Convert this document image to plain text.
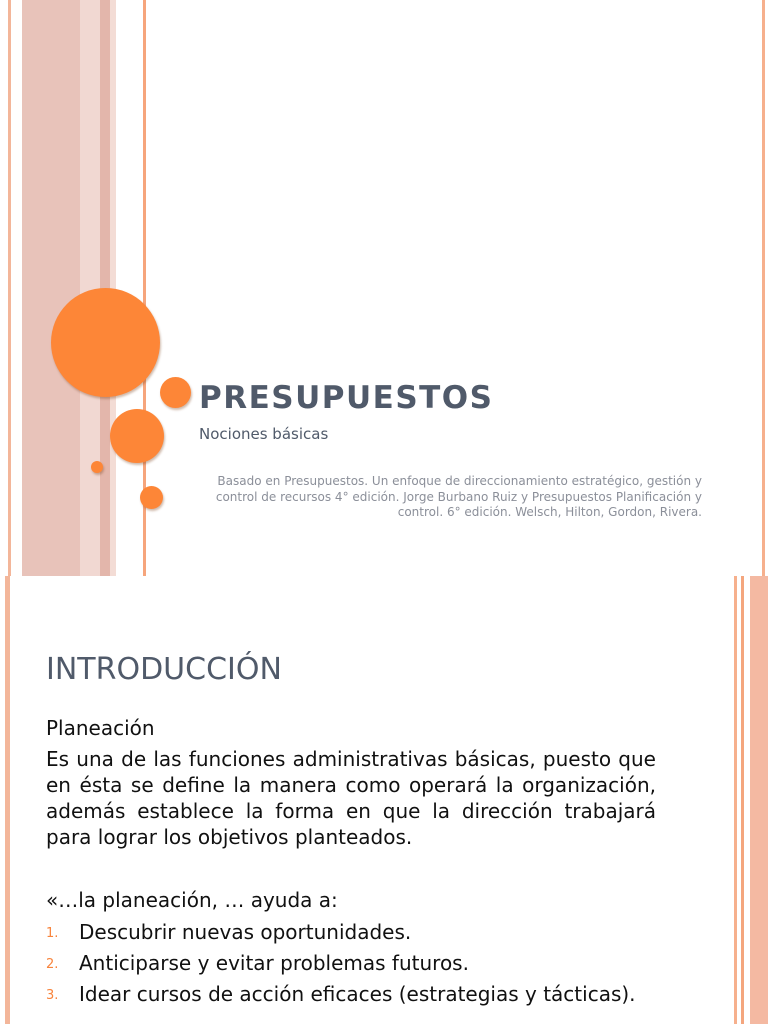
PRESUPUESTOS
Nociones básicas
Basado en Presupuestos. Un enfoque de direccionamiento estratégico, gestión y control de recursos 4° edición. Jorge Burbano Ruiz y Presupuestos Planificación y control. 6° edición. Welsch, Hilton, Gordon, Rivera.
INTRODUCCIÓN
Planeación
Es una de las funciones administrativas básicas, puesto que en ésta se define la manera como operará la organización, además establece la forma en que la dirección trabajará para lograr los objetivos planteados.
«…la planeación, … ayuda a:
1. Descubrir nuevas oportunidades.
2. Anticiparse y evitar problemas futuros.
3. Idear cursos de acción eficaces (estrategias y tácticas).
